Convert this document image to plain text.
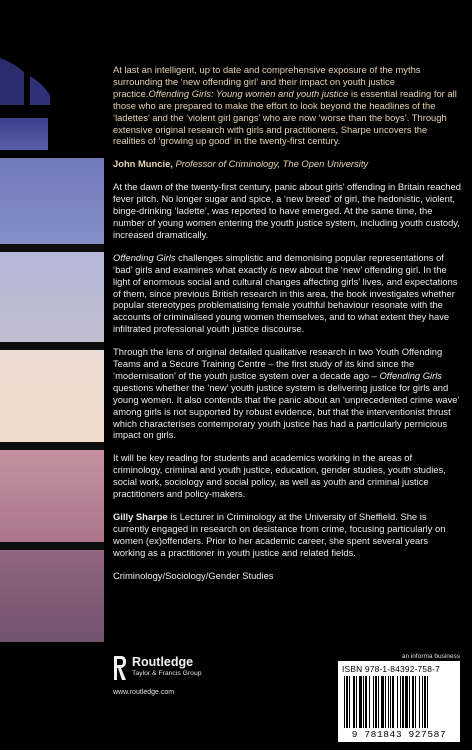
At last an intelligent, up to date and comprehensive exposure of the myths surrounding the ‘new offending girl’ and their impact on youth justice practice.Offending Girls: Young women and youth justice is essential reading for all those who are prepared to make the effort to look beyond the headlines of the ‘ladettes’ and the ‘violent girl gangs’ who are now ‘worse than the boys’. Through extensive original research with girls and practitioners, Sharpe uncovers the realities of ‘growing up good’ in the twenty-first century.

John Muncie, Professor of Criminology, The Open University

At the dawn of the twenty-first century, panic about girls’ offending in Britain reached fever pitch. No longer sugar and spice, a ‘new breed’ of girl, the hedonistic, violent, binge-drinking ‘ladette’, was reported to have emerged. At the same time, the number of young women entering the youth justice system, including youth custody, increased dramatically.

Offending Girls challenges simplistic and demonising popular representations of ‘bad’ girls and examines what exactly is new about the ‘new’ offending girl. In the light of enormous social and cultural changes affecting girls’ lives, and expectations of them, since previous British research in this area, the book investigates whether popular stereotypes problematising female youthful behaviour resonate with the accounts of criminalised young women themselves, and to what extent they have infiltrated professional youth justice discourse.

Through the lens of original detailed qualitative research in two Youth Offending Teams and a Secure Training Centre – the first study of its kind since the ‘modernisation’ of the youth justice system over a decade ago – Offending Girls questions whether the ‘new’ youth justice system is delivering justice for girls and young women. It also contends that the panic about an ‘unprecedented crime wave’ among girls is not supported by robust evidence, but that the interventionist thrust which characterises contemporary youth justice has had a particularly pernicious impact on girls.

It will be key reading for students and academics working in the areas of criminology, criminal and youth justice, education, gender studies, youth studies, social work, sociology and social policy, as well as youth and criminal justice practitioners and policy-makers.

Gilly Sharpe is Lecturer in Criminology at the University of Sheffield. She is currently engaged in research on desistance from crime, focusing particularly on women (ex)offenders. Prior to her academic career, she spent several years working as a practitioner in youth justice and related fields.

Criminology/Sociology/Gender Studies

Routledge
Taylor & Francis Group
www.routledge.com
an informa business
ISBN 978-1-84392-758-7
9 781843 927587
